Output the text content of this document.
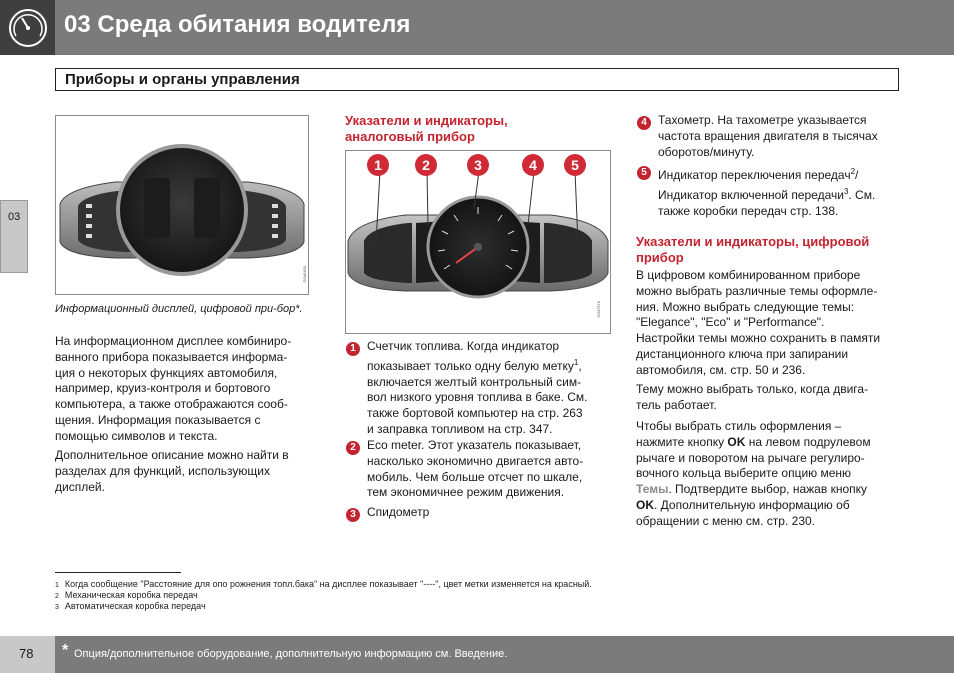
03 Среда обитания водителя
Приборы и органы управления
03
G046400
Информационный дисплей, цифровой при-бор*.
На информационном дисплее комбиниро-
ванного прибора показывается информа-
ция о некоторых функциях автомобиля,
например, круиз-контроля и бортового
компьютера, а также отображаются сооб-
щения. Информация показывается с
помощью символов и текста.
Дополнительное описание можно найти в
разделах для функций, использующих
дисплей.
Указатели и индикаторы,
аналоговый прибор
1	2	3	4	5
G047670
1 Счетчик топлива. Когда индикатор
показывает только одну белую метку$^1$,
включается желтый контрольный сим-
вол низкого уровня топлива в баке. См.
также бортовой компьютер на стр. 263
и заправка топливом на стр. 347.
2 Eco meter. Этот указатель показывает,
насколько экономично двигается авто-
мобиль. Чем больше отсчет по шкале,
тем экономичнее режим движения.
3 Спидометр
4 Тахометр. На тахометре указывается
частота вращения двигателя в тысячах
оборотов/минуту.
5 Индикатор переключения передач$^2$/
Индикатор включенной передачи$^3$. См.
также коробки передач стр. 138.
Указатели и индикаторы, цифровой
прибор
В цифровом комбинированном приборе
можно выбрать различные темы оформле-
ния. Можно выбрать следующие темы:
"Elegance", "Eco" и "Performance".
Настройки темы можно сохранить в памяти
дистанционного ключа при запирании
автомобиля, см. стр. 50 и 236.
Тему можно выбрать только, когда двига-
тель работает.
Чтобы выбрать стиль оформления –
нажмите кнопку OK на левом подрулевом
рычаге и поворотом на рычаге регулиро-
вочного кольца выберите опцию меню
Темы. Подтвердите выбор, нажав кнопку
OK. Дополнительную информацию об
обращении с меню см. стр. 230.
1 Когда сообщение "Расстояние для опо рожнения топл.бака" на дисплее показывает "----", цвет метки изменяется на красный.
2 Механическая коробка передач
3 Автоматическая коробка передач
78 * Опция/дополнительное оборудование, дополнительную информацию см. Введение.
